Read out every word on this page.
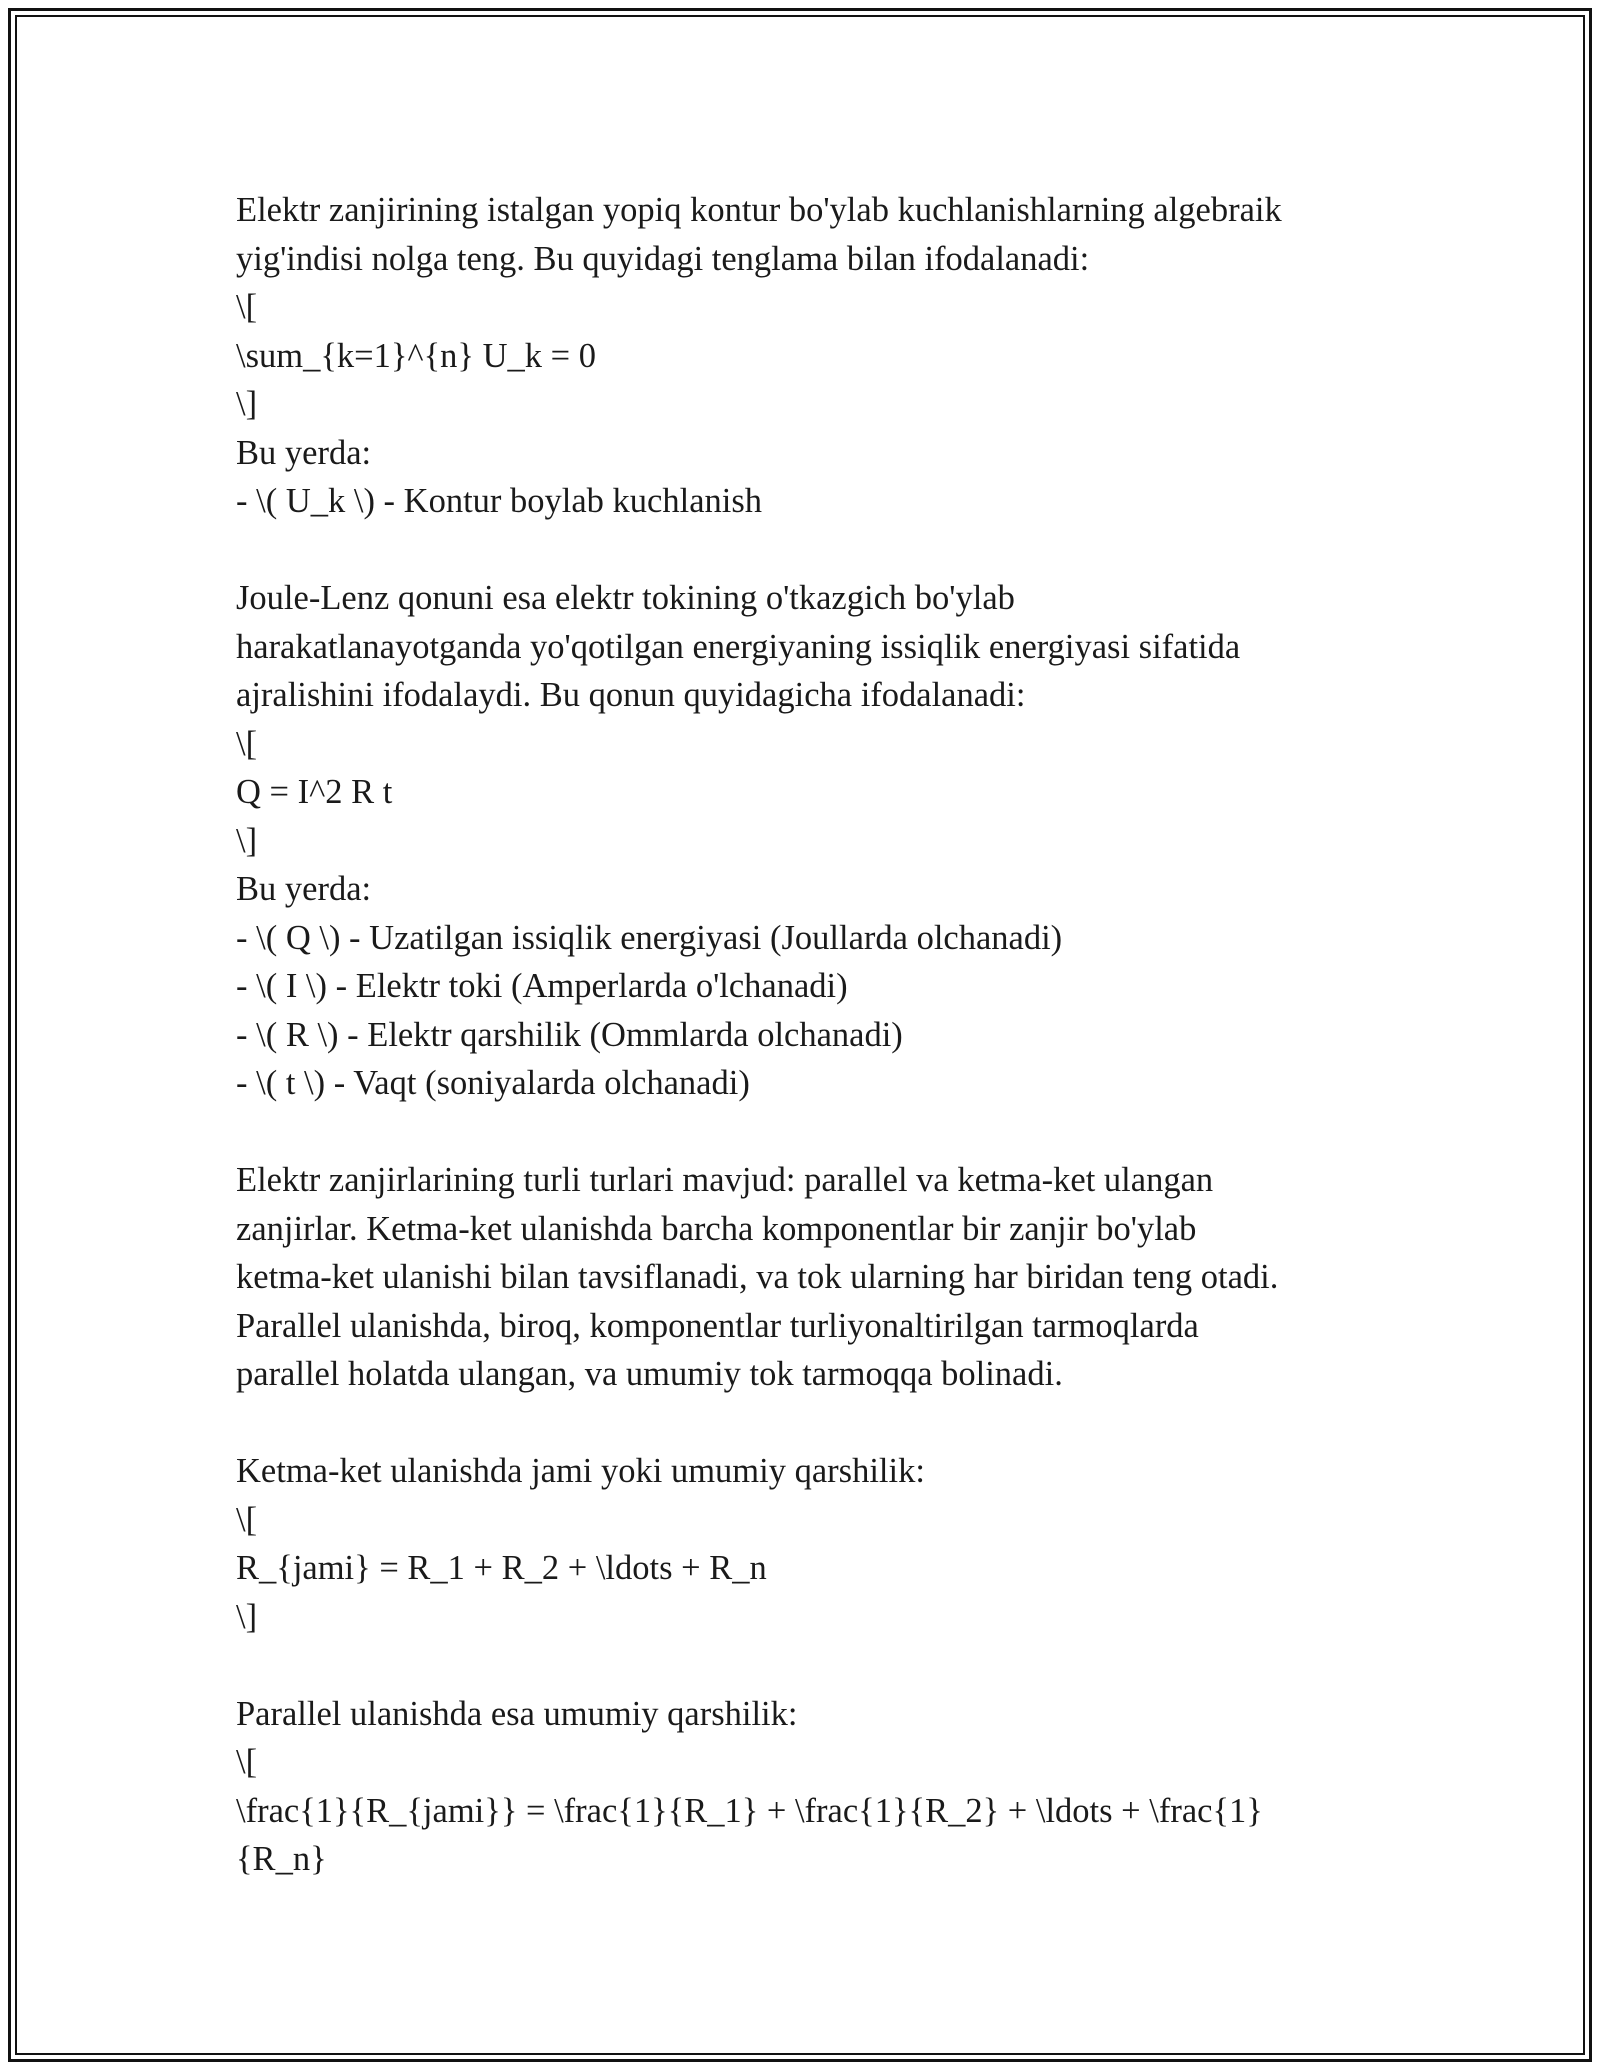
Elektr zanjirining istalgan yopiq kontur bo'ylab kuchlanishlarning algebraik
yig'indisi nolga teng. Bu quyidagi tenglama bilan ifodalanadi:
\[
\sum_{k=1}^{n} U_k = 0
\]
Bu yerda:
- \( U_k \) - Kontur boylab kuchlanish
Joule-Lenz qonuni esa elektr tokining o'tkazgich bo'ylab
harakatlanayotganda yo'qotilgan energiyaning issiqlik energiyasi sifatida
ajralishini ifodalaydi. Bu qonun quyidagicha ifodalanadi:
\[
Q = I^2 R t
\]
Bu yerda:
- \( Q \) - Uzatilgan issiqlik energiyasi (Joullarda olchanadi)
- \( I \) - Elektr toki (Amperlarda o'lchanadi)
- \( R \) - Elektr qarshilik (Ommlarda olchanadi)
- \( t \) - Vaqt (soniyalarda olchanadi)
Elektr zanjirlarining turli turlari mavjud: parallel va ketma-ket ulangan
zanjirlar. Ketma-ket ulanishda barcha komponentlar bir zanjir bo'ylab
ketma-ket ulanishi bilan tavsiflanadi, va tok ularning har biridan teng otadi.
Parallel ulanishda, biroq, komponentlar turliyonaltirilgan tarmoqlarda
parallel holatda ulangan, va umumiy tok tarmoqqa bolinadi.
Ketma-ket ulanishda jami yoki umumiy qarshilik:
\[
R_{jami} = R_1 + R_2 + \ldots + R_n
\]
Parallel ulanishda esa umumiy qarshilik:
\[
\frac{1}{R_{jami}} = \frac{1}{R_1} + \frac{1}{R_2} + \ldots + \frac{1}
{R_n}
